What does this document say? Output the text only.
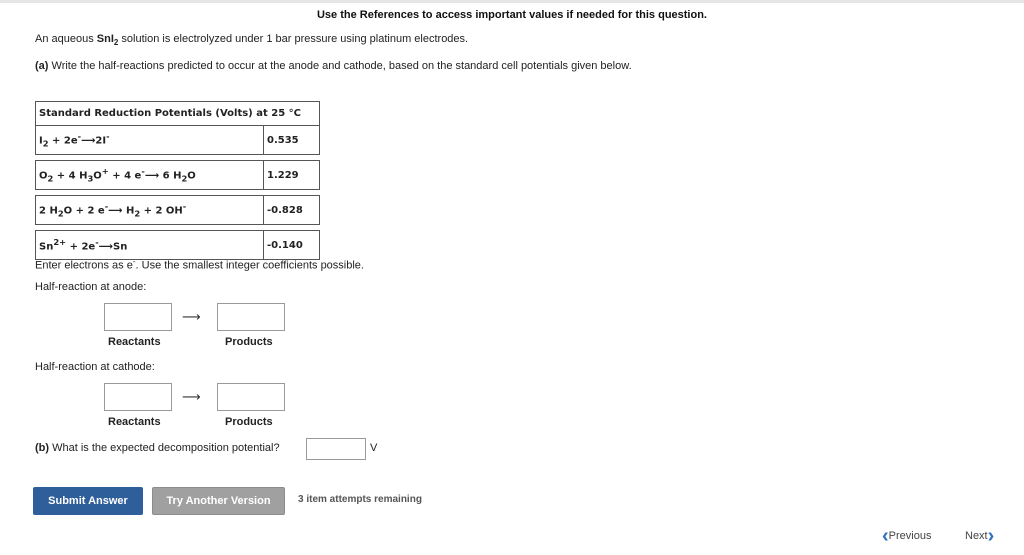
Use the References to access important values if needed for this question.
An aqueous SnI$_2$ solution is electrolyzed under 1 bar pressure using platinum electrodes.
(a) Write the half-reactions predicted to occur at the anode and cathode, based on the standard cell potentials given below.
Standard Reduction Potentials (Volts) at 25 °C	
$I_2$ + 2e-⟶2I-	0.535

$O_2 + 4$ $H_3O^+ + 4$ e-⟶ 6 $H_2O$	1.229

2 $H_2O + 2$ e-⟶ $H_2 + 2$ OH-	-0.828

$Sn^{2+}$ + 2e-⟶Sn	-0.140
Enter electrons as e-. Use the smallest integer coefficients possible.
Half-reaction at anode:
⟶
Reactants	Products
Half-reaction at cathode:
⟶
Reactants	Products
(b) What is the expected decomposition potential?	V
Submit Answer	Try Another Version	3 item attempts remaining
‹ Previous	Next ›
